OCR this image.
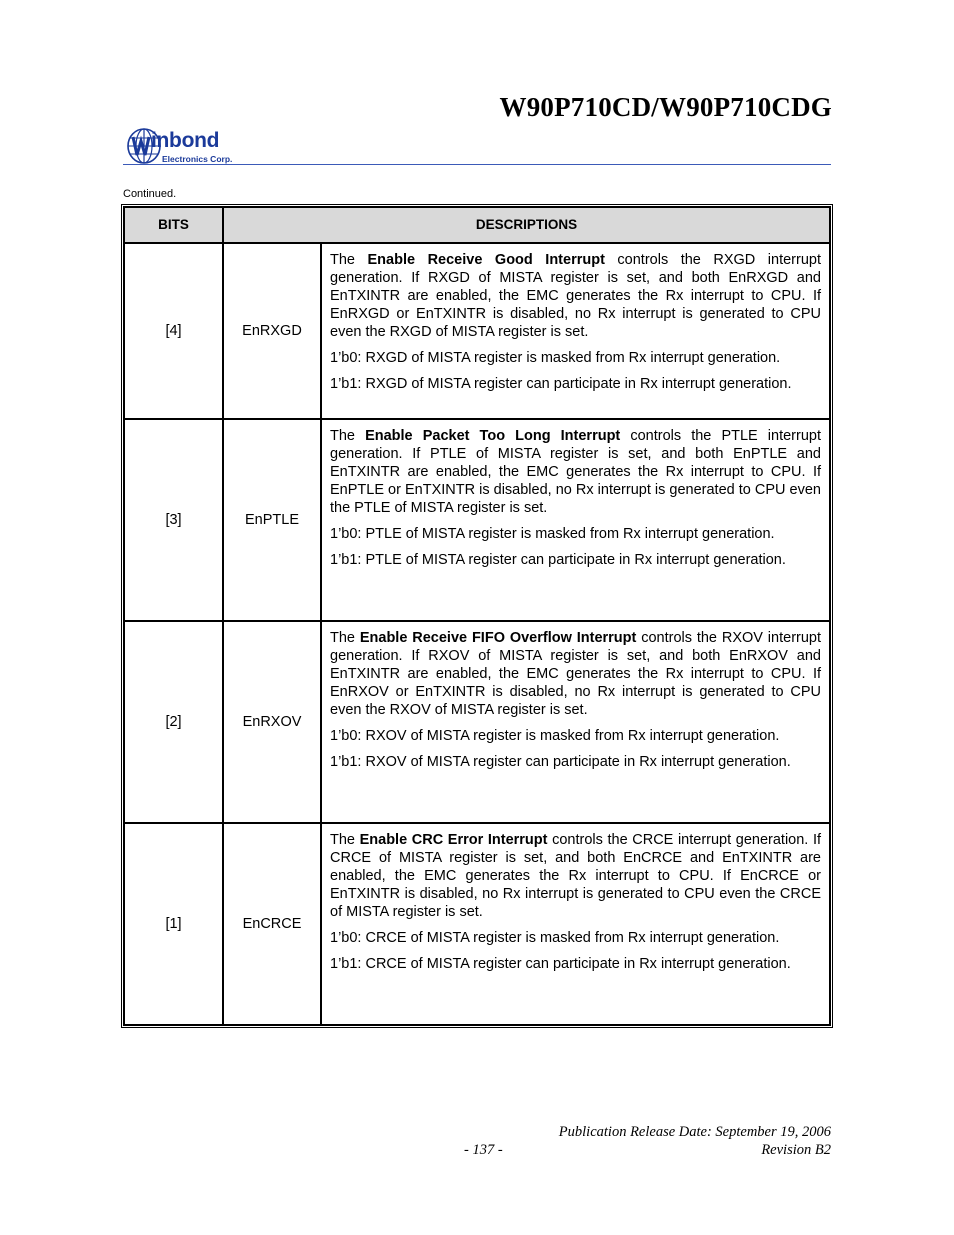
W90P710CD/W90P710CDG
inbond
Electronics Corp.
Continued.
BITS	DESCRIPTIONS	
[4]	EnRXGD	The Enable Receive Good Interrupt controls the RXGD interrupt generation. If RXGD of MISTA register is set, and both EnRXGD and EnTXINTR are enabled, the EMC generates the Rx interrupt to CPU. If EnRXGD or EnTXINTR is disabled, no Rx interrupt is generated to CPU even the RXGD of MISTA register is set.

1’b0: RXGD of MISTA register is masked from Rx interrupt generation.

1’b1: RXGD of MISTA register can participate in Rx interrupt generation.

[3]	EnPTLE	The Enable Packet Too Long Interrupt controls the PTLE interrupt generation. If PTLE of MISTA register is set, and both EnPTLE and EnTXINTR are enabled, the EMC generates the Rx interrupt to CPU. If EnPTLE or EnTXINTR is disabled, no Rx interrupt is generated to CPU even the PTLE of MISTA register is set.

1’b0: PTLE of MISTA register is masked from Rx interrupt generation.

1’b1: PTLE of MISTA register can participate in Rx interrupt generation.

[2]	EnRXOV	The Enable Receive FIFO Overflow Interrupt controls the RXOV interrupt generation. If RXOV of MISTA register is set, and both EnRXOV and EnTXINTR are enabled, the EMC generates the Rx interrupt to CPU. If EnRXOV or EnTXINTR is disabled, no Rx interrupt is generated to CPU even the RXOV of MISTA register is set.

1’b0: RXOV of MISTA register is masked from Rx interrupt generation.

1’b1: RXOV of MISTA register can participate in Rx interrupt generation.

[1]	EnCRCE	The Enable CRC Error Interrupt controls the CRCE interrupt generation. If CRCE of MISTA register is set, and both EnCRCE and EnTXINTR are enabled, the EMC generates the Rx interrupt to CPU. If EnCRCE or EnTXINTR is disabled, no Rx interrupt is generated to CPU even the CRCE of MISTA register is set.

1’b0: CRCE of MISTA register is masked from Rx interrupt generation.

1’b1: CRCE of MISTA register can participate in Rx interrupt generation.

Publication Release Date: September 19, 2006
Revision B2
- 137 -
